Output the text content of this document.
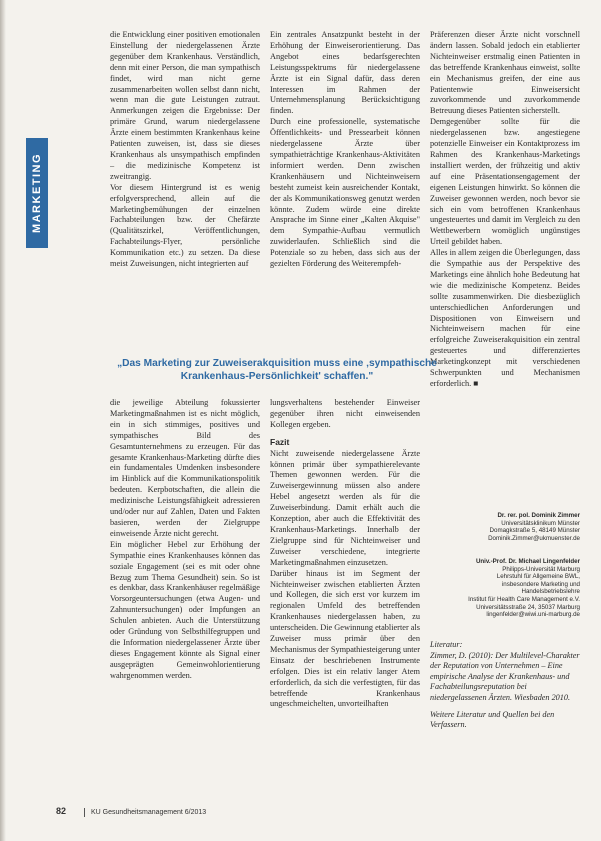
MARKETING

die Entwicklung einer positiven emotionalen Einstellung der niedergelassenen Ärzte gegenüber dem Krankenhaus. Verständlich, denn mit einer Person, die man sympathisch findet, wird man nicht gerne zusammenarbeiten wollen selbst dann nicht, wenn man die gute Leistungen zutraut. Anmerkungen zeigen die Ergebnisse: Der primäre Grund, warum niedergelassene Ärzte einem bestimmten Krankenhaus keine Patienten zuweisen, ist, dass sie dieses Krankenhaus als unsympathisch empfinden – die medizinische Kompetenz ist zweitrangig.

Vor diesem Hintergrund ist es wenig erfolgversprechend, allein auf die Marketingbemühungen der einzelnen Fachabteilungen bzw. der Chefärzte (Qualitätszirkel, Veröffentlichungen, Fachabteilungs-Flyer, persönliche Kommunikation etc.) zu setzen. Da diese meist Zuweisungen, nicht integrierten auf

Ein zentrales Ansatzpunkt besteht in der Erhöhung der Einweiserorientierung. Das Angebot eines bedarfsgerechten Leistungsspektrums für niedergelassene Ärzte ist ein Signal dafür, dass deren Interessen im Rahmen der Unternehmensplanung Berücksichtigung finden.

Durch eine professionelle, systematische Öffentlichkeits- und Pressearbeit können niedergelassene Ärzte über sympathieträchtige Krankenhaus-Aktivitäten informiert werden. Denn zwischen Krankenhäusern und Nichteinweisern besteht zumeist kein ausreichender Kontakt, der als Kommunikationsweg genutzt werden könnte. Zudem würde eine direkte Ansprache im Sinne einer „Kalten Akquise" dem Sympathie-Aufbau vermutlich zuwiderlaufen. Schließlich sind die Potenziale so zu heben, dass sich aus der gezielten Förderung des Weiterempfeh-

Präferenzen dieser Ärzte nicht vorschnell ändern lassen. Sobald jedoch ein etablierter Nichteinweiser erstmalig einen Patienten in das betreffende Krankenhaus einweist, sollte ein Mechanismus greifen, der eine aus Patientenwie Einweisersicht zuvorkommende und zuvorkommende Betreuung dieses Patienten sicherstellt.

Demgegenüber sollte für die niedergelassenen bzw. angestiegene potenzielle Einweiser ein Kontaktprozess im Rahmen des Krankenhaus-Marketings installiert werden, der frühzeitig und aktiv auf eine Präsentationsengagement der eigenen Leistungen hinwirkt. So können die Zuweiser gewonnen werden, noch bevor sie sich ein vom betroffenen Krankenhaus ungesteuertes und damit im Vergleich zu den Wettbewerbern womöglich ungünstiges Urteil gebildet haben.

Alles in allem zeigen die Überlegungen, dass die Sympathie aus der Perspektive des Marketings eine ähnlich hohe Bedeutung hat wie die medizinische Kompetenz. Beides sollte zusammenwirken. Die diesbezüglich unterschiedlichen Anforderungen und Dispositionen von Einweisern und Nichteinweisern machen für eine erfolgreiche Zuweiserakquisition ein zentral gesteuertes und differenziertes Marketingkonzept mit verschiedenen Schwerpunkten und Mechanismen erforderlich. ■

„Das Marketing zur Zuweiserakquisition muss eine ‚sympathische Krankenhaus-Persönlichkeit' schaffen."

die jeweilige Abteilung fokussierter Marketingmaßnahmen ist es nicht möglich, ein in sich stimmiges, positives und sympathisches Bild des Gesamtunternehmens zu erzeugen. Für das gesamte Krankenhaus-Marketing dürfte dies ein fundamentales Umdenken insbesondere im Hinblick auf die Kommunikationspolitik bedeuten. Kerpbotschaften, die allein die medizinische Leistungsfähigkeit adressieren und/oder nur auf Zahlen, Daten und Fakten basieren, werden der Zielgruppe einweisende Ärzte nicht gerecht.

Ein möglicher Hebel zur Erhöhung der Sympathie eines Krankenhauses können das soziale Engagement (sei es mit oder ohne Bezug zum Thema Gesundheit) sein. So ist es denkbar, dass Krankenhäuser regelmäßige Vorsorgeuntersuchungen (etwa Augen- und Zahnuntersuchungen) oder Impfungen an Schulen anbieten. Auch die Unterstützung oder Gründung von Selbsthilfegruppen und die Information niedergelassener Ärzte über dieses Engagement könnte als Signal einer ausgeprägten Gemeinwohlorientierung wahrgenommen werden.

lungsverhaltens bestehender Einweiser gegenüber ihren nicht einweisenden Kollegen ergeben.

Fazit

Nicht zuweisende niedergelassene Ärzte können primär über sympathierelevante Themen gewonnen werden. Für die Zuweisergewinnung müssen also andere Hebel angesetzt werden als für die Zuweiserbindung. Damit erhält auch die Konzeption, aber auch die Effektivität des Krankenhaus-Marketings. Innerhalb der Zielgruppe sind für Nichteinweiser und Zuweiser verschiedene, integrierte Marketingmaßnahmen einzusetzen.

Darüber hinaus ist im Segment der Nichteinweiser zwischen etablierten Ärzten und Kollegen, die sich erst vor kurzem im regionalen Umfeld des betreffenden Krankenhauses niedergelassen haben, zu unterscheiden. Die Gewinnung etablierter als Zuweiser muss primär über den Mechanismus der Sympathiesteigerung unter Einsatz der beschriebenen Instrumente erfolgen. Dies ist ein relativ langer Atem erforderlich, da sich die verfestigten, für das betreffende Krankenhaus ungeschmeichelten, unvorteilhaften

Dr. rer. pol. Dominik Zimmer
Universitätsklinikum Münster
Domagkstraße 5, 48149 Münster
Dominik.Zimmer@ukmuenster.de
Univ.-Prof. Dr. Michael Lingenfelder
Philipps-Universität Marburg
Lehrstuhl für Allgemeine BWL,
insbesondere Marketing und
Handelsbetriebslehre
Institut für Health Care Management e.V.
Universitätsstraße 24, 35037 Marburg
lingenfelder@wiwi.uni-marburg.de

Literatur:

Zimmer, D. (2010): Der Multilevel-Charakter der Reputation von Unternehmen – Eine empirische Analyse der Krankenhaus- und Fachabteilungsreputation bei niedergelassenen Ärzten. Wiesbaden 2010.

Weitere Literatur und Quellen bei den Verfassern.

82	KU Gesundheitsmanagement 6/2013
